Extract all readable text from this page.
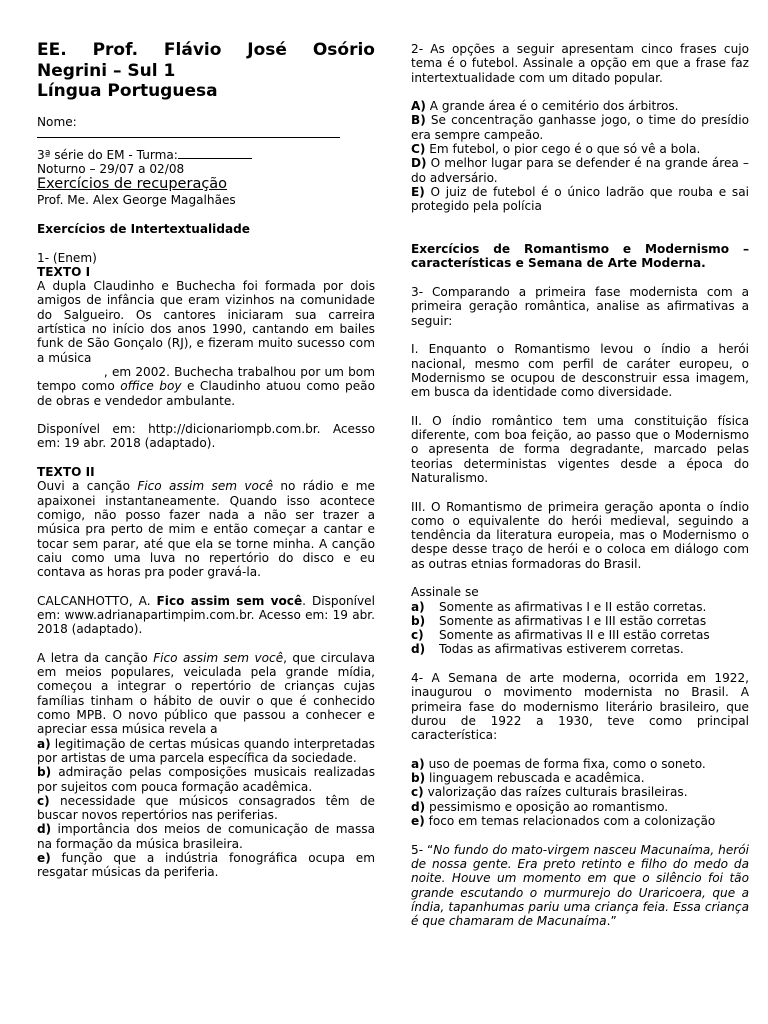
EE. Prof. Flávio José Osório
Negrini – Sul 1
Língua Portuguesa

Nome:

3ª série do EM - Turma:

Noturno – 29/07 a 02/08

Exercícios de recuperação

Prof. Me. Alex George Magalhães

Exercícios de Intertextualidade

1- (Enem)

TEXTO I

A dupla Claudinho e Buchecha foi formada por dois amigos de infância que eram vizinhos na comunidade do Salgueiro. Os cantores iniciaram sua carreira artística no início dos anos 1990, cantando em bailes funk de São Gonçalo (RJ), e fizeram muito sucesso com a música
, em 2002. Buchecha trabalhou por um bom tempo como office boy e Claudinho atuou como peão de obras e vendedor ambulante.

Disponível em: http://dicionariompb.com.br. Acesso em: 19 abr. 2018 (adaptado).

TEXTO II

Ouvi a canção Fico assim sem você no rádio e me apaixonei instantaneamente. Quando isso acontece comigo, não posso fazer nada a não ser trazer a música pra perto de mim e então começar a cantar e tocar sem parar, até que ela se torne minha. A canção caiu como uma luva no repertório do disco e eu contava as horas pra poder gravá-la.

CALCANHOTTO, A. Fico assim sem você. Disponível em: www.adrianapartimpim.com.br. Acesso em: 19 abr. 2018 (adaptado).

A letra da canção Fico assim sem você, que circulava em meios populares, veiculada pela grande mídia, começou a integrar o repertório de crianças cujas famílias tinham o hábito de ouvir o que é conhecido como MPB. O novo público que passou a conhecer e apreciar essa música revela a

a) legitimação de certas músicas quando interpretadas por artistas de uma parcela específica da sociedade.

b) admiração pelas composições musicais realizadas por sujeitos com pouca formação acadêmica.

c) necessidade que músicos consagrados têm de buscar novos repertórios nas periferias.

d) importância dos meios de comunicação de massa na formação da música brasileira.

e) função que a indústria fonográfica ocupa em resgatar músicas da periferia.

2- As opções a seguir apresentam cinco frases cujo tema é o futebol. Assinale a opção em que a frase faz intertextualidade com um ditado popular.

A) A grande área é o cemitério dos árbitros.

B) Se concentração ganhasse jogo, o time do presídio era sempre campeão.

C) Em futebol, o pior cego é o que só vê a bola.

D) O melhor lugar para se defender é na grande área – do adversário.

E) O juiz de futebol é o único ladrão que rouba e sai protegido pela polícia

Exercícios de Romantismo e Modernismo – características e Semana de Arte Moderna.

3- Comparando a primeira fase modernista com a primeira geração romântica, analise as afirmativas a seguir:

I. Enquanto o Romantismo levou o índio a herói nacional, mesmo com perfil de caráter europeu, o Modernismo se ocupou de desconstruir essa imagem, em busca da identidade como diversidade.

II. O índio romântico tem uma constituição física diferente, com boa feição, ao passo que o Modernismo o apresenta de forma degradante, marcado pelas teorias deterministas vigentes desde a época do Naturalismo.

III. O Romantismo de primeira geração aponta o índio como o equivalente do herói medieval, seguindo a tendência da literatura europeia, mas o Modernismo o despe desse traço de herói e o coloca em diálogo com as outras etnias formadoras do Brasil.

Assinale se

a)	Somente as afirmativas I e II estão corretas.
b)	Somente as afirmativas I e III estão corretas
c)	Somente as afirmativas II e III estão corretas
d)	Todas as afirmativas estiverem corretas.

4- A Semana de arte moderna, ocorrida em 1922, inaugurou o movimento modernista no Brasil. A primeira fase do modernismo literário brasileiro, que durou de 1922 a 1930, teve como principal característica:

a) uso de poemas de forma fixa, como o soneto.

b) linguagem rebuscada e acadêmica.

c) valorização das raízes culturais brasileiras.

d) pessimismo e oposição ao romantismo.

e) foco em temas relacionados com a colonização

5- “No fundo do mato-virgem nasceu Macunaíma, herói de nossa gente. Era preto retinto e filho do medo da noite. Houve um momento em que o silêncio foi tão grande escutando o murmurejo do Uraricoera, que a índia, tapanhumas pariu uma criança feia. Essa criança é que chamaram de Macunaíma.”
